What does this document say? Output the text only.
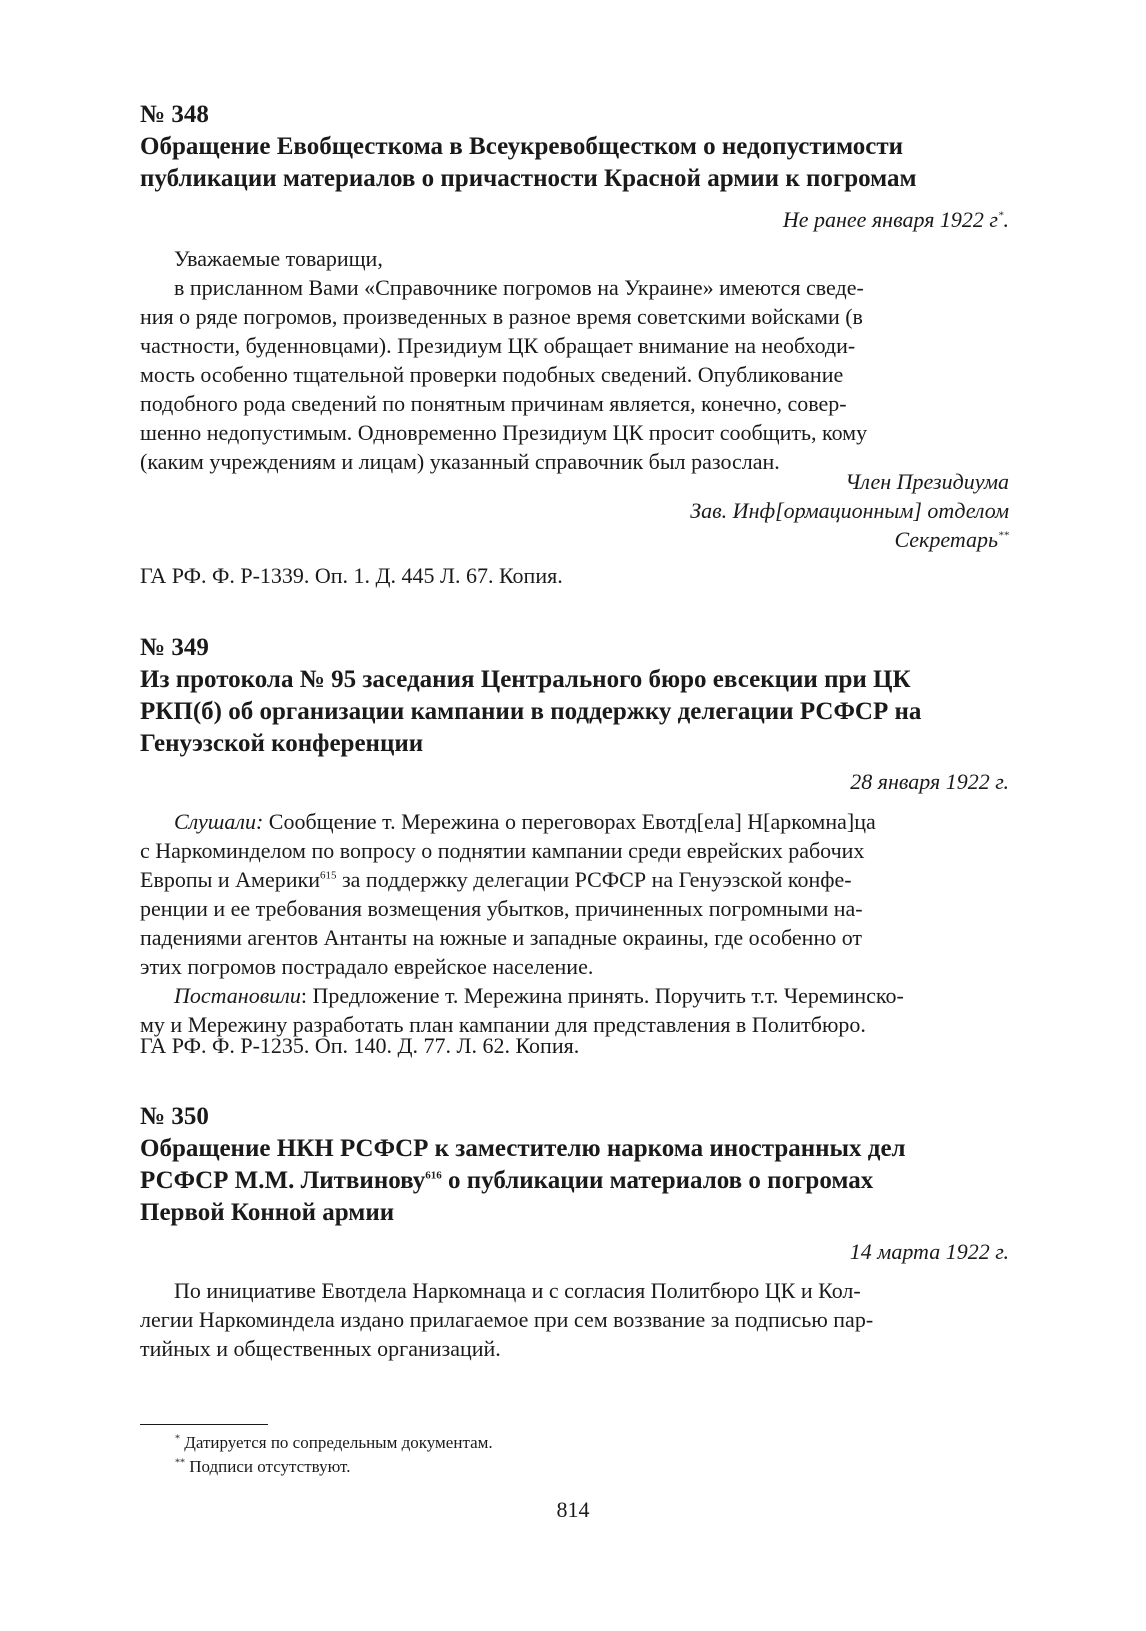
№ 348

Обращение Евобщесткома в Всеукревобщестком о недопустимости

публикации материалов о причастности Красной армии к погромам

Не ранее января 1922 г*.

Уважаемые товарищи,

в присланном Вами «Справочнике погромов на Украине» имеются сведе-

ния о ряде погромов, произведенных в разное время советскими войсками (в

частности, буденновцами). Президиум ЦК обращает внимание на необходи-

мость особенно тщательной проверки подобных сведений. Опубликование

подобного рода сведений по понятным причинам является, конечно, совер-

шенно недопустимым. Одновременно Президиум ЦК просит сообщить, кому

(каким учреждениям и лицам) указанный справочник был разослан.

Член Президиума

Зав. Инф[ормационным] отделом

Секретарь**

ГА РФ. Ф. Р-1339. Оп. 1. Д. 445 Л. 67. Копия.

№ 349

Из протокола № 95 заседания Центрального бюро евсекции при ЦК

РКП(б) об организации кампании в поддержку делегации РСФСР на

Генуэзской конференции

28 января 1922 г.

Слушали: Сообщение т. Мережина о переговорах Евотд[ела] Н[аркомна]ца

с Наркоминделом по вопросу о поднятии кампании среди еврейских рабочих

Европы и Америки$^{615}$ за поддержку делегации РСФСР на Генуэзской конфе-

ренции и ее требования возмещения убытков, причиненных погромными на-

падениями агентов Антанты на южные и западные окраины, где особенно от

этих погромов пострадало еврейское население.

Постановили: Предложение т. Мережина принять. Поручить т.т. Череминско-

му и Мережину разработать план кампании для представления в Политбюро.

ГА РФ. Ф. Р-1235. Оп. 140. Д. 77. Л. 62. Копия.

№ 350

Обращение НКН РСФСР к заместителю наркома иностранных дел

РСФСР М.М. Литвинову$^{616}$ о публикации материалов о погромах

Первой Конной армии

14 марта 1922 г.

По инициативе Евотдела Наркомнаца и с согласия Политбюро ЦК и Кол-

легии Наркоминдела издано прилагаемое при сем воззвание за подписью пар-

тийных и общественных организаций.

* Датируется по сопредельным документам.

** Подписи отсутствуют.

814
